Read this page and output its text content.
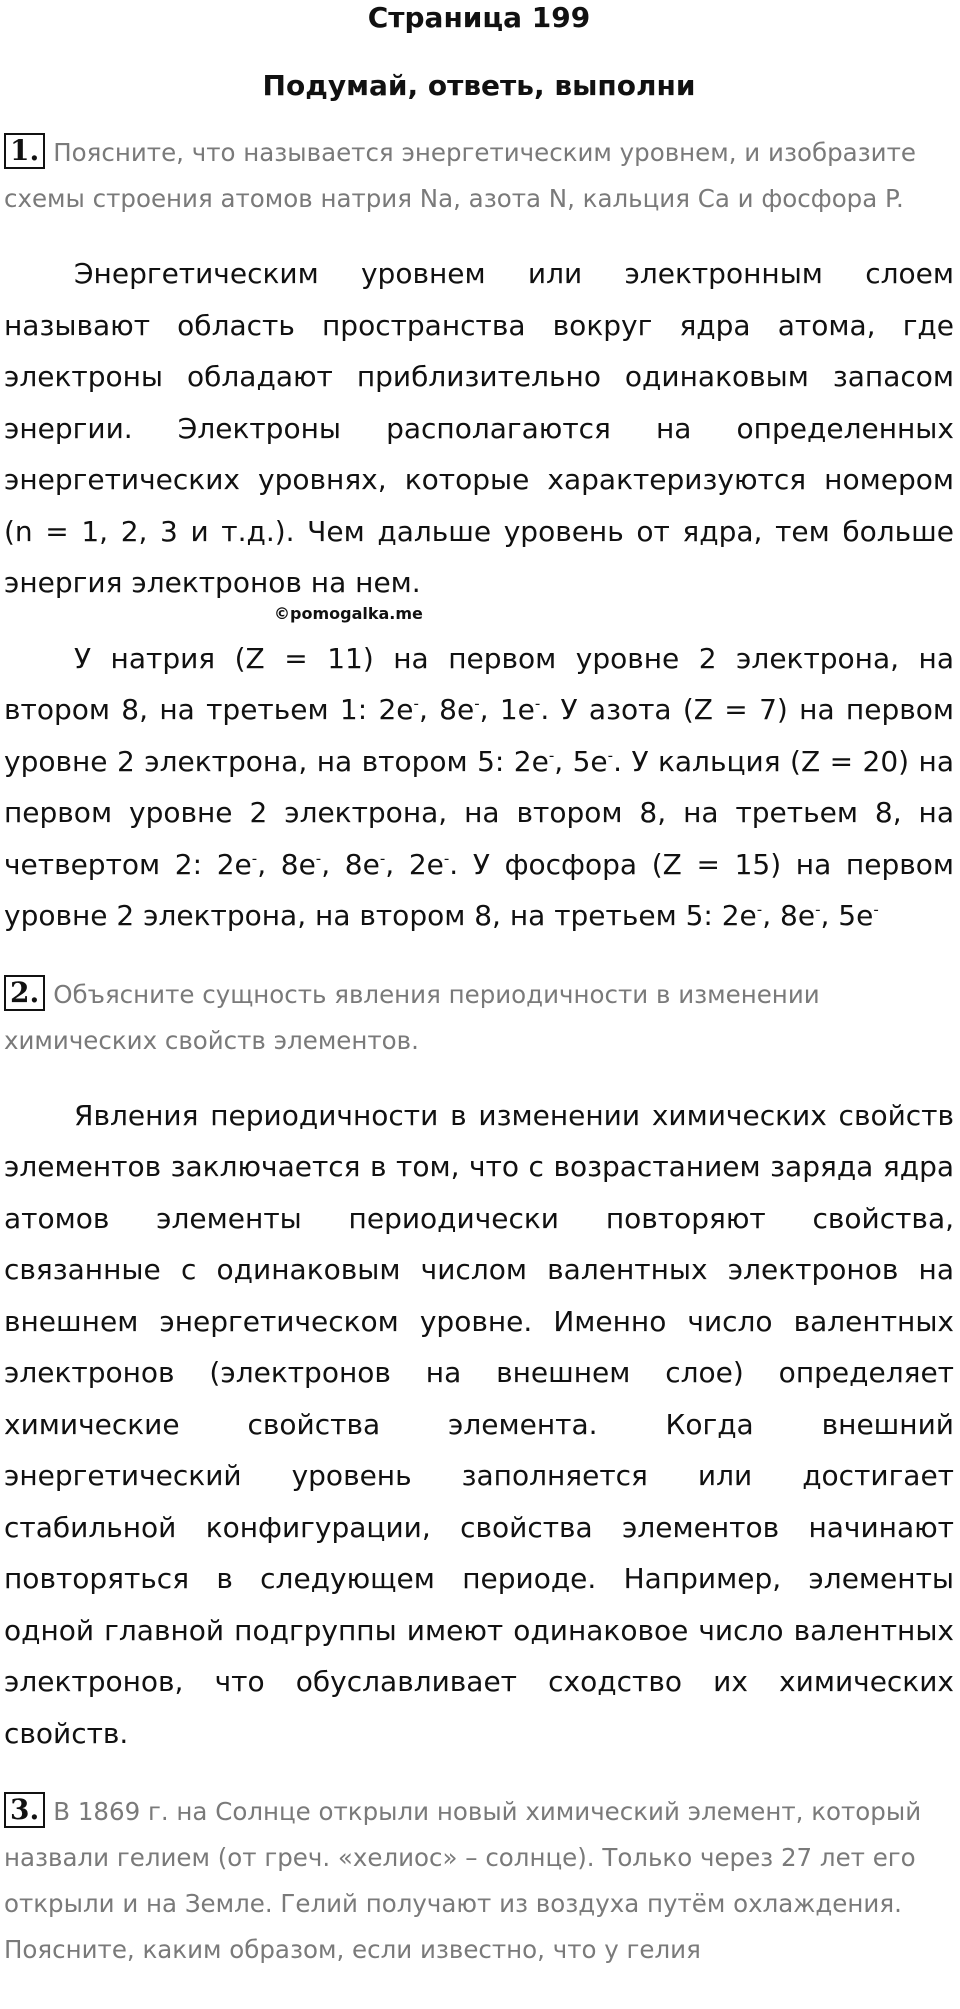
Страница 199
Подумай, ответь, выполни
1. Поясните, что называется энергетическим уровнем, и изобразите схемы строения атомов натрия Na, азота N, кальция Ca и фосфора P.

Энергетическим уровнем или электронным слоем называют область пространства вокруг ядра атома, где электроны обладают приблизительно одинаковым запасом энергии. Электроны располагаются на определенных энергетических уровнях, которые характеризуются номером (n = 1, 2, 3 и т.д.). Чем дальше уровень от ядра, тем больше энергия электронов на нем.

©pomogalka.me

У натрия (Z = 11) на первом уровне 2 электрона, на втором 8, на третьем 1: 2e-, 8e-, 1e-. У азота (Z = 7) на первом уровне 2 электрона, на втором 5: 2e-, 5e-. У кальция (Z = 20) на первом уровне 2 электрона, на втором 8, на третьем 8, на четвертом 2: 2e-, 8e-, 8e-, 2e-. У фосфора (Z = 15) на первом уровне 2 электрона, на втором 8, на третьем 5: 2e-, 8e-, 5e-

2. Объясните сущность явления периодичности в изменении химических свойств элементов.

Явления периодичности в изменении химических свойств элементов заключается в том, что с возрастанием заряда ядра атомов элементы периодически повторяют свойства, связанные с одинаковым числом валентных электронов на внешнем энергетическом уровне. Именно число валентных электронов (электронов на внешнем слое) определяет химические свойства элемента. Когда внешний энергетический уровень заполняется или достигает стабильной конфигурации, свойства элементов начинают повторяться в следующем периоде. Например, элементы одной главной подгруппы имеют одинаковое число валентных электронов, что обуславливает сходство их химических свойств.

3. В 1869 г. на Солнце открыли новый химический элемент, который назвали гелием (от греч. «хелиос» – солнце). Только через 27 лет его открыли и на Земле. Гелий получают из воздуха путём охлаждения. Поясните, каким образом, если известно, что у гелия
